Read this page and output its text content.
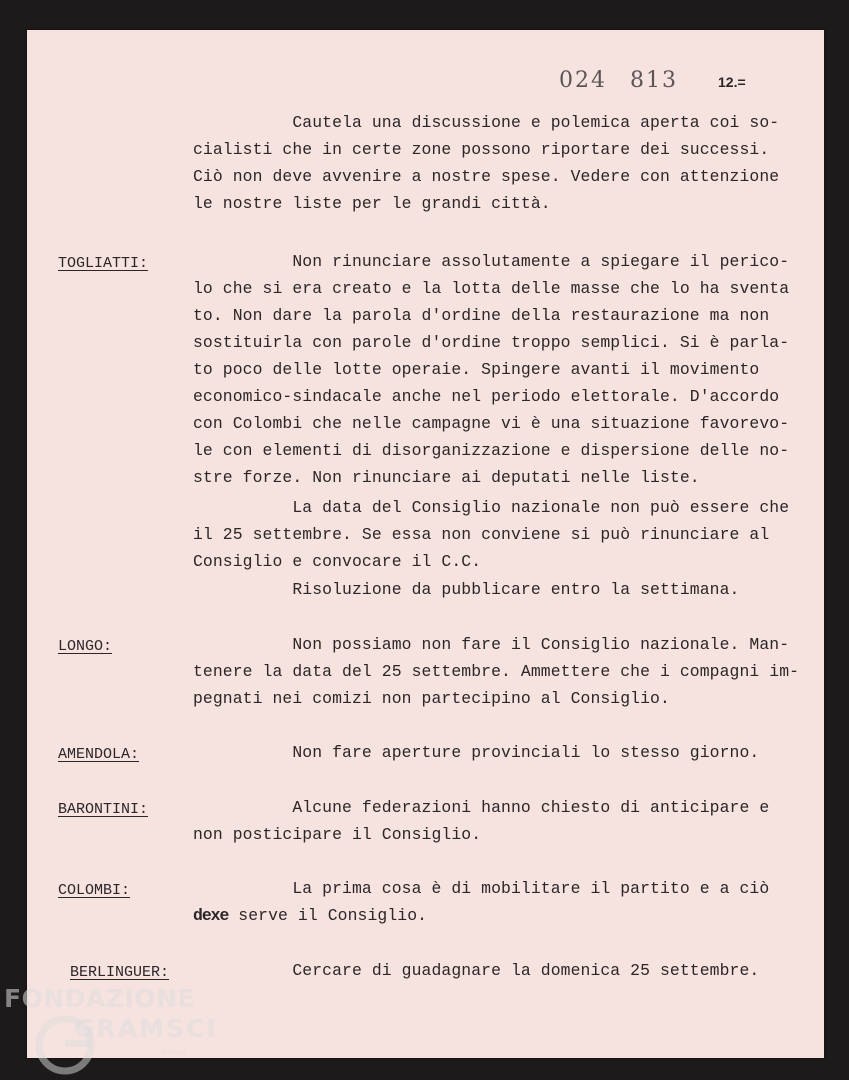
024 813	12.=
Cautela una discussione e polemica aperta coi so-
cialisti che in certe zone possono riportare dei successi.
Ciò non deve avvenire a nostre spese. Vedere con attenzione
le nostre liste per le grandi città.
TOGLIATTI:	Non rinunciare assolutamente a spiegare il perico-
lo che si era creato e la lotta delle masse che lo ha sventa
to. Non dare la parola d'ordine della restaurazione ma non
sostituirla con parole d'ordine troppo semplici. Si è parla-
to poco delle lotte operaie. Spingere avanti il movimento
economico-sindacale anche nel periodo elettorale. D'accordo
con Colombi che nelle campagne vi è una situazione favorevo-
le con elementi di disorganizzazione e dispersione delle no-
stre forze. Non rinunciare ai deputati nelle liste.
La data del Consiglio nazionale non può essere che
il 25 settembre. Se essa non conviene si può rinunciare al
Consiglio e convocare il C.C.
Risoluzione da pubblicare entro la settimana.
LONGO:	Non possiamo non fare il Consiglio nazionale. Man-
tenere la data del 25 settembre. Ammettere che i compagni im-
pegnati nei comizi non partecipino al Consiglio.
AMENDOLA:	Non fare aperture provinciali lo stesso giorno.
BARONTINI:	Alcune federazioni hanno chiesto di anticipare e
non posticipare il Consiglio.
COLOMBI:	La prima cosa è di mobilitare il partito e a ciò
dexe serve il Consiglio.
BERLINGUER: Cercare di guadagnare la domenica 25 settembre.
FONDAZIONE
GRAMSCI
onlus
